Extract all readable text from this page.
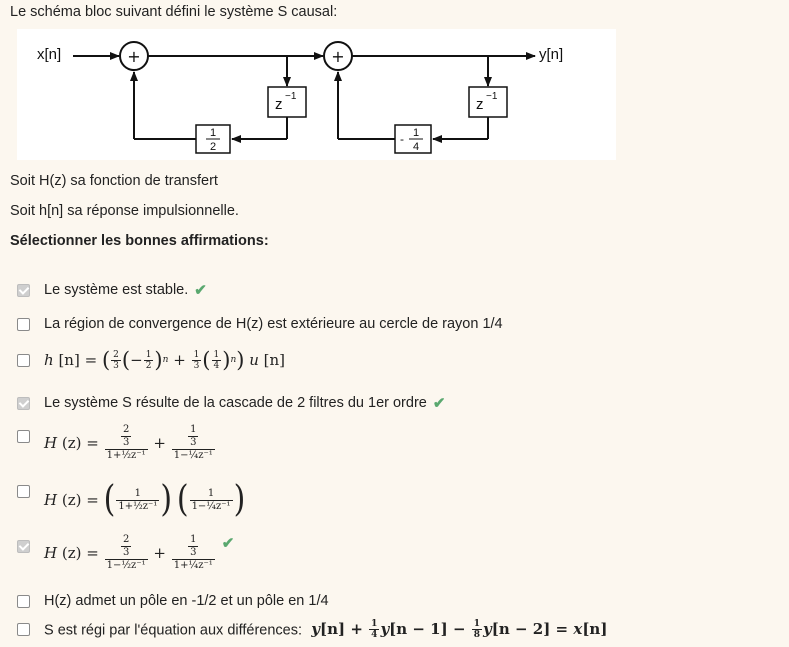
Le schéma bloc suivant défini le système S causal:
x[n]	+
z −1
1
2
+	y[n]
z −1
- 1
4
Soit H(z) sa fonction de transfert
Soit h[n] sa réponse impulsionnelle.
Sélectionner les bonnes affirmations:
Le système est stable. ✔
La région de convergence de H(z) est extérieure au cercle de rayon 1/4
h
[n]
=
( $\frac{2}{3}$ ( − $\frac{1}{2}$ ) n
+
$\frac{1}{3}$ ( $\frac{1}{4}$ ) n )
u
[n]
Le système S résulte de la cascade de 2 filtres du 1er ordre ✔
H
(z)
=
$\frac{\frac{2}{3}}{\text{1+½z⁻¹}}$
+
$\frac{\frac{1}{3}}{\text{1−¼z⁻¹}}$
H
(z)
=
( $\frac{1}{\text{1+½z⁻¹}}$ )
( $\frac{1}{\text{1−¼z⁻¹}}$ )
H
(z)
=
$\frac{\frac{2}{3}}{\text{1−½z⁻¹}}$
+
$\frac{\frac{1}{3}}{\text{1+¼z⁻¹}}$ ✔
H(z) admet un pôle en -1/2 et un pôle en 1/4
S est régi par l'équation aux différences: y [n]
+
$\frac{1}{4}$ y [n − 1]
−
$\frac{1}{8}$ y [n − 2]
=
x [n]
